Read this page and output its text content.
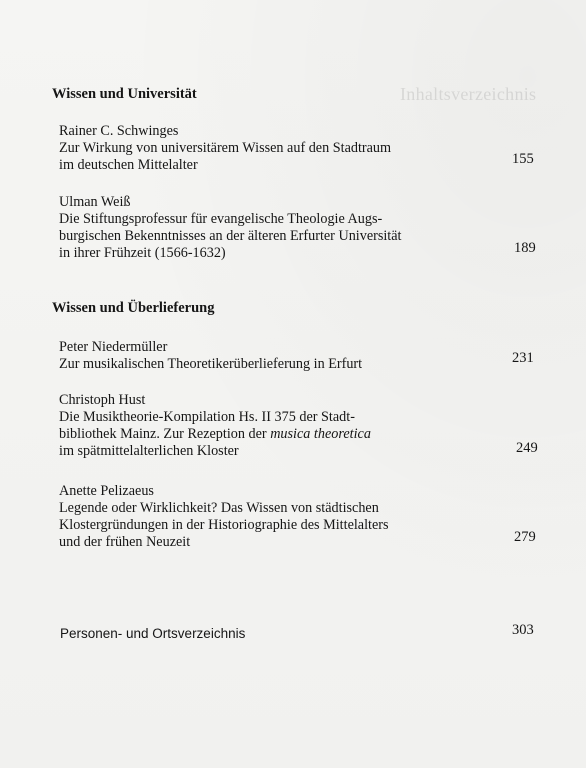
Inhaltsverzeichnis
Wissen und Universität
Rainer C. Schwinges
Zur Wirkung von universitärem Wissen auf den Stadtraum
im deutschen Mittelalter	155
Ulman Weiß
Die Stiftungsprofessur für evangelische Theologie Augs-
burgischen Bekenntnisses an der älteren Erfurter Universität
in ihrer Frühzeit (1566-1632)	189
Wissen und Überlieferung
Peter Niedermüller
Zur musikalischen Theoretikerüberlieferung in Erfurt	231
Christoph Hust
Die Musiktheorie-Kompilation Hs. II 375 der Stadt-
bibliothek Mainz. Zur Rezeption der musica theoretica
im spätmittelalterlichen Kloster	249
Anette Pelizaeus
Legende oder Wirklichkeit? Das Wissen von städtischen
Klostergründungen in der Historiographie des Mittelalters
und der frühen Neuzeit	279
Personen- und Ortsverzeichnis	303
